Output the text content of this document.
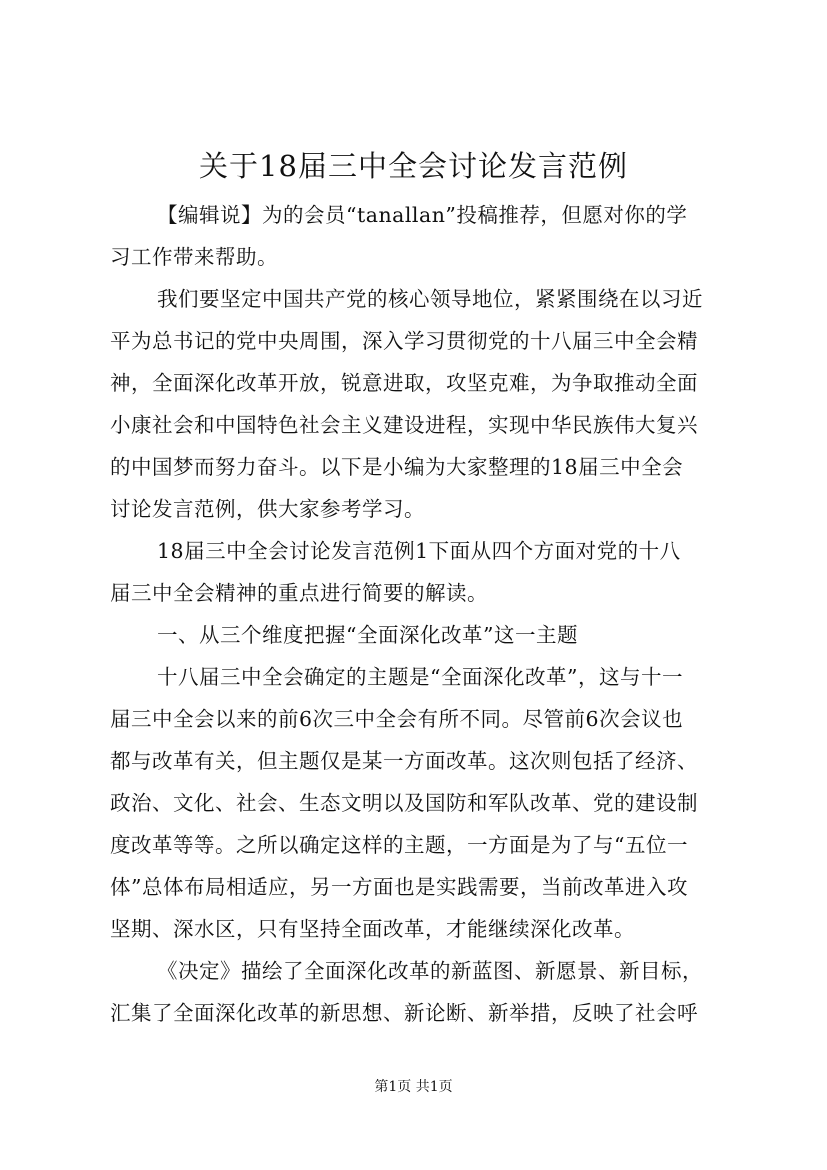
关于18届三中全会讨论发言范例
【编辑说】为的会员“tanallan”投稿推荐，但愿对你的学
习工作带来帮助。
我们要坚定中国共产党的核心领导地位，紧紧围绕在以习近
平为总书记的党中央周围，深入学习贯彻党的十八届三中全会精
神，全面深化改革开放，锐意进取，攻坚克难，为争取推动全面
小康社会和中国特色社会主义建设进程，实现中华民族伟大复兴
的中国梦而努力奋斗。以下是小编为大家整理的18届三中全会
讨论发言范例，供大家参考学习。
18届三中全会讨论发言范例1下面从四个方面对党的十八
届三中全会精神的重点进行简要的解读。
一、从三个维度把握“全面深化改革”这一主题
十八届三中全会确定的主题是“全面深化改革”，这与十一
届三中全会以来的前6次三中全会有所不同。尽管前6次会议也
都与改革有关，但主题仅是某一方面改革。这次则包括了经济、
政治、文化、社会、生态文明以及国防和军队改革、党的建设制
度改革等等。之所以确定这样的主题，一方面是为了与“五位一
体”总体布局相适应，另一方面也是实践需要，当前改革进入攻
坚期、深水区，只有坚持全面改革，才能继续深化改革。
《决定》描绘了全面深化改革的新蓝图、新愿景、新目标，
汇集了全面深化改革的新思想、新论断、新举措，反映了社会呼
第1页 共1页
